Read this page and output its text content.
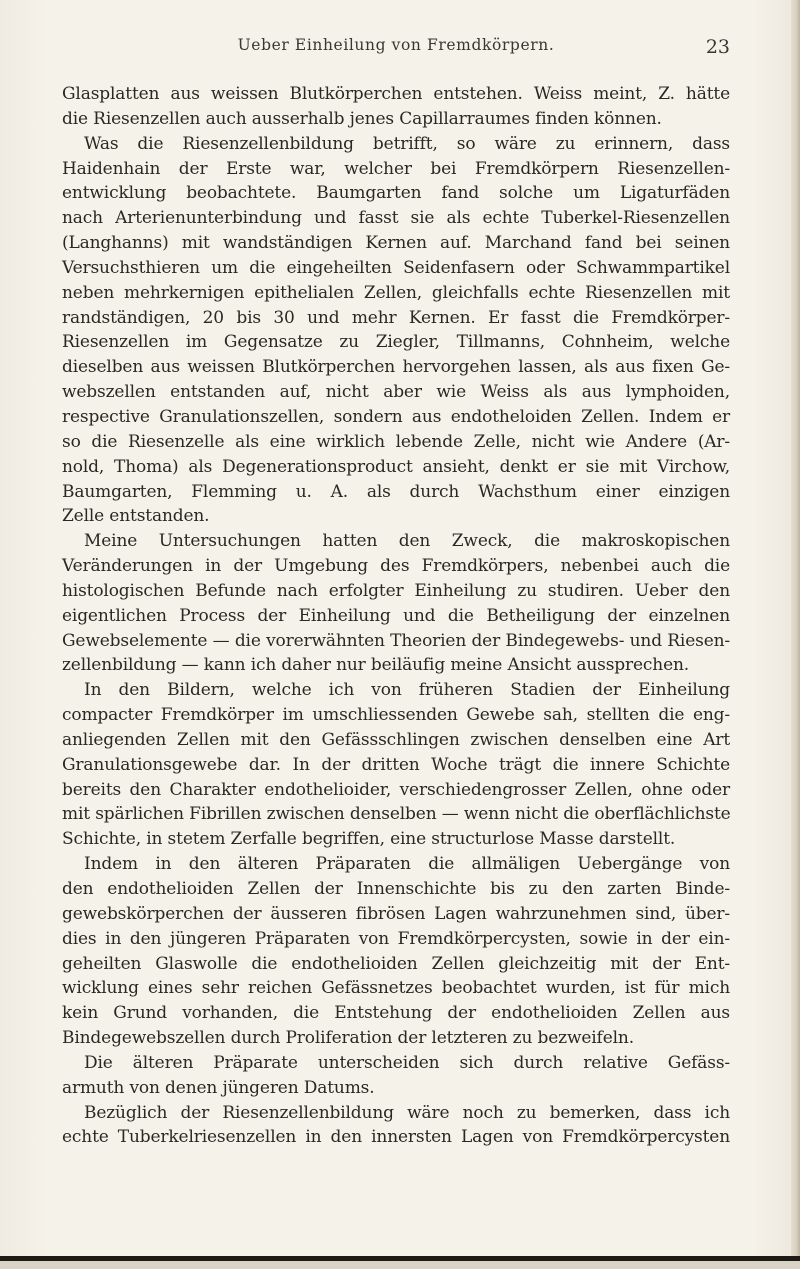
Ueber Einheilung von Fremdkörpern.	23
Glasplatten aus weissen Blutkörperchen entstehen. Weiss meint, Z. hätte
die Riesenzellen auch ausserhalb jenes Capillarraumes finden können.
Was die Riesenzellenbildung betrifft, so wäre zu erinnern, dass
Haidenhain der Erste war, welcher bei Fremdkörpern Riesenzellen-
entwicklung beobachtete. Baumgarten fand solche um Ligaturfäden
nach Arterienunterbindung und fasst sie als echte Tuberkel-Riesenzellen
(Langhanns) mit wandständigen Kernen auf. Marchand fand bei seinen
Versuchsthieren um die eingeheilten Seidenfasern oder Schwammpartikel
neben mehrkernigen epithelialen Zellen, gleichfalls echte Riesenzellen mit
randständigen, 20 bis 30 und mehr Kernen. Er fasst die Fremdkörper-
Riesenzellen im Gegensatze zu Ziegler, Tillmanns, Cohnheim, welche
dieselben aus weissen Blutkörperchen hervorgehen lassen, als aus fixen Ge-
webszellen entstanden auf, nicht aber wie Weiss als aus lymphoiden,
respective Granulationszellen, sondern aus endotheloiden Zellen. Indem er
so die Riesenzelle als eine wirklich lebende Zelle, nicht wie Andere (Ar-
nold, Thoma) als Degenerationsproduct ansieht, denkt er sie mit Virchow,
Baumgarten, Flemming u. A. als durch Wachsthum einer einzigen
Zelle entstanden.
Meine Untersuchungen hatten den Zweck, die makroskopischen
Veränderungen in der Umgebung des Fremdkörpers, nebenbei auch die
histologischen Befunde nach erfolgter Einheilung zu studiren. Ueber den
eigentlichen Process der Einheilung und die Betheiligung der einzelnen
Gewebselemente — die vorerwähnten Theorien der Bindegewebs- und Riesen-
zellenbildung — kann ich daher nur beiläufig meine Ansicht aussprechen.
In den Bildern, welche ich von früheren Stadien der Einheilung
compacter Fremdkörper im umschliessenden Gewebe sah, stellten die eng-
anliegenden Zellen mit den Gefässschlingen zwischen denselben eine Art
Granulationsgewebe dar. In der dritten Woche trägt die innere Schichte
bereits den Charakter endothelioider, verschiedengrosser Zellen, ohne oder
mit spärlichen Fibrillen zwischen denselben — wenn nicht die oberflächlichste
Schichte, in stetem Zerfalle begriffen, eine structurlose Masse darstellt.
Indem in den älteren Präparaten die allmäligen Uebergänge von
den endothelioiden Zellen der Innenschichte bis zu den zarten Binde-
gewebskörperchen der äusseren fibrösen Lagen wahrzunehmen sind, über-
dies in den jüngeren Präparaten von Fremdkörpercysten, sowie in der ein-
geheilten Glaswolle die endothelioiden Zellen gleichzeitig mit der Ent-
wicklung eines sehr reichen Gefässnetzes beobachtet wurden, ist für mich
kein Grund vorhanden, die Entstehung der endothelioiden Zellen aus
Bindegewebszellen durch Proliferation der letzteren zu bezweifeln.
Die älteren Präparate unterscheiden sich durch relative Gefäss-
armuth von denen jüngeren Datums.
Bezüglich der Riesenzellenbildung wäre noch zu bemerken, dass ich
echte Tuberkelriesenzellen in den innersten Lagen von Fremdkörpercysten
